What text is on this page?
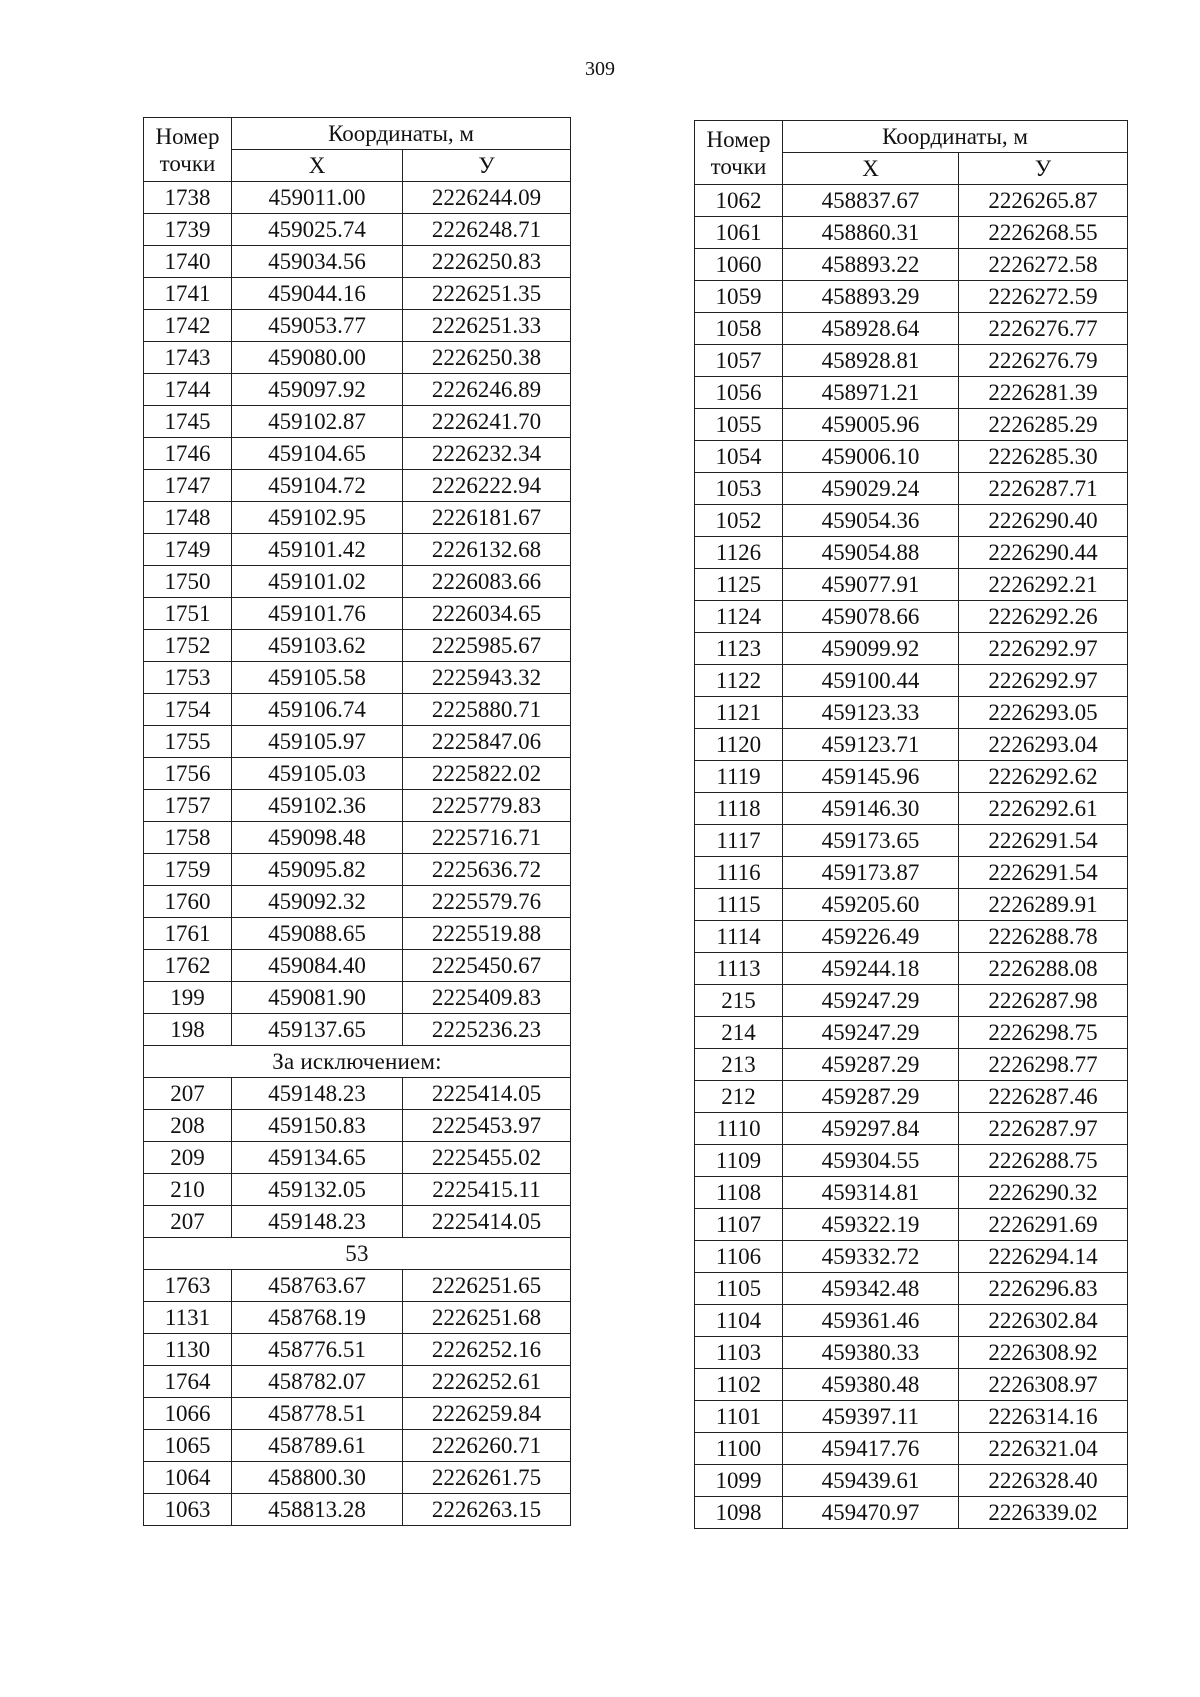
309
Номер
точки	Координаты, м	
	Х	У
1738	459011.00	2226244.09
1739	459025.74	2226248.71
1740	459034.56	2226250.83
1741	459044.16	2226251.35
1742	459053.77	2226251.33
1743	459080.00	2226250.38
1744	459097.92	2226246.89
1745	459102.87	2226241.70
1746	459104.65	2226232.34
1747	459104.72	2226222.94
1748	459102.95	2226181.67
1749	459101.42	2226132.68
1750	459101.02	2226083.66
1751	459101.76	2226034.65
1752	459103.62	2225985.67
1753	459105.58	2225943.32
1754	459106.74	2225880.71
1755	459105.97	2225847.06
1756	459105.03	2225822.02
1757	459102.36	2225779.83
1758	459098.48	2225716.71
1759	459095.82	2225636.72
1760	459092.32	2225579.76
1761	459088.65	2225519.88
1762	459084.40	2225450.67
199	459081.90	2225409.83
198	459137.65	2225236.23
За исключением:		
207	459148.23	2225414.05
208	459150.83	2225453.97
209	459134.65	2225455.02
210	459132.05	2225415.11
207	459148.23	2225414.05
53		
1763	458763.67	2226251.65
1131	458768.19	2226251.68
1130	458776.51	2226252.16
1764	458782.07	2226252.61
1066	458778.51	2226259.84
1065	458789.61	2226260.71
1064	458800.30	2226261.75
1063	458813.28	2226263.15
Номер
точки	Координаты, м	
	Х	У
1062	458837.67	2226265.87
1061	458860.31	2226268.55
1060	458893.22	2226272.58
1059	458893.29	2226272.59
1058	458928.64	2226276.77
1057	458928.81	2226276.79
1056	458971.21	2226281.39
1055	459005.96	2226285.29
1054	459006.10	2226285.30
1053	459029.24	2226287.71
1052	459054.36	2226290.40
1126	459054.88	2226290.44
1125	459077.91	2226292.21
1124	459078.66	2226292.26
1123	459099.92	2226292.97
1122	459100.44	2226292.97
1121	459123.33	2226293.05
1120	459123.71	2226293.04
1119	459145.96	2226292.62
1118	459146.30	2226292.61
1117	459173.65	2226291.54
1116	459173.87	2226291.54
1115	459205.60	2226289.91
1114	459226.49	2226288.78
1113	459244.18	2226288.08
215	459247.29	2226287.98
214	459247.29	2226298.75
213	459287.29	2226298.77
212	459287.29	2226287.46
1110	459297.84	2226287.97
1109	459304.55	2226288.75
1108	459314.81	2226290.32
1107	459322.19	2226291.69
1106	459332.72	2226294.14
1105	459342.48	2226296.83
1104	459361.46	2226302.84
1103	459380.33	2226308.92
1102	459380.48	2226308.97
1101	459397.11	2226314.16
1100	459417.76	2226321.04
1099	459439.61	2226328.40
1098	459470.97	2226339.02
